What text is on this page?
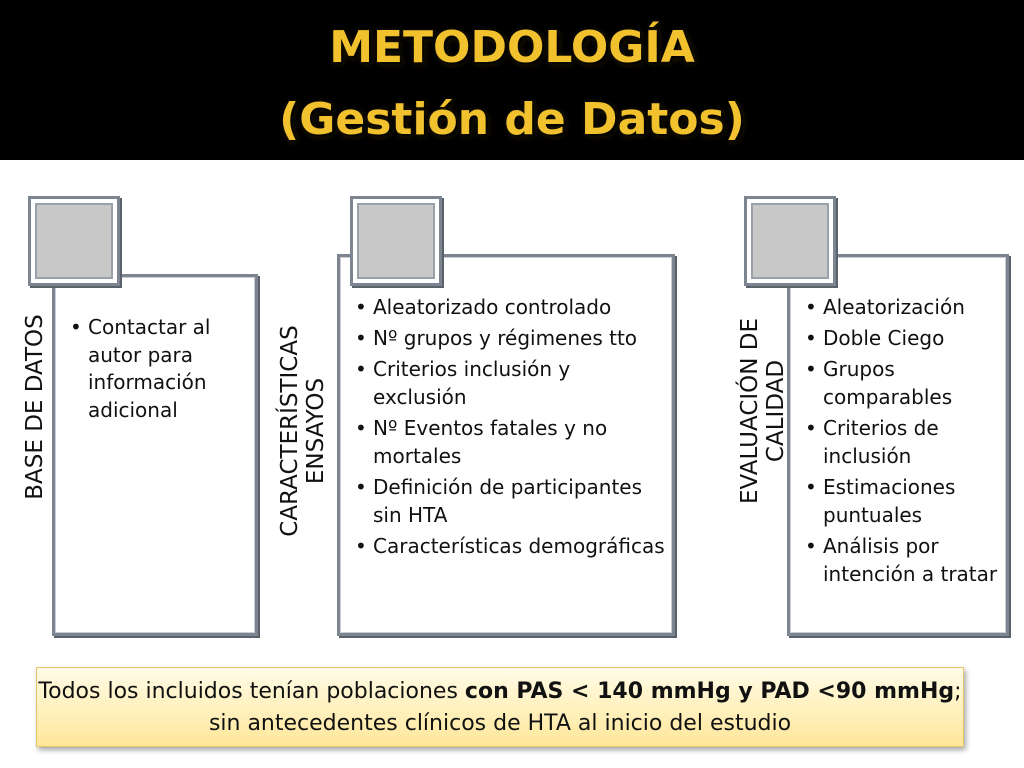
METODOLOGÍA
(Gestión de Datos)
BASE DE DATOS
•	Contactar al autor para información adicional	CARACTERÍSTICAS ENSAYOS
• Aleatorizado controlado
• Nº grupos y régimenes tto
• Criterios inclusión y exclusión
• Nº Eventos fatales y no mortales
• Definición de participantes sin HTA
• Características demográficas
EVALUACIÓN DE CALIDAD
• Aleatorización
• Doble Ciego
• Grupos comparables
• Criterios de inclusión
• Estimaciones puntuales
• Análisis por intención a tratar
Todos los incluidos tenían poblaciones con PAS < 140 mmHg y PAD <90 mmHg; sin antecedentes clínicos de HTA al inicio del estudio
